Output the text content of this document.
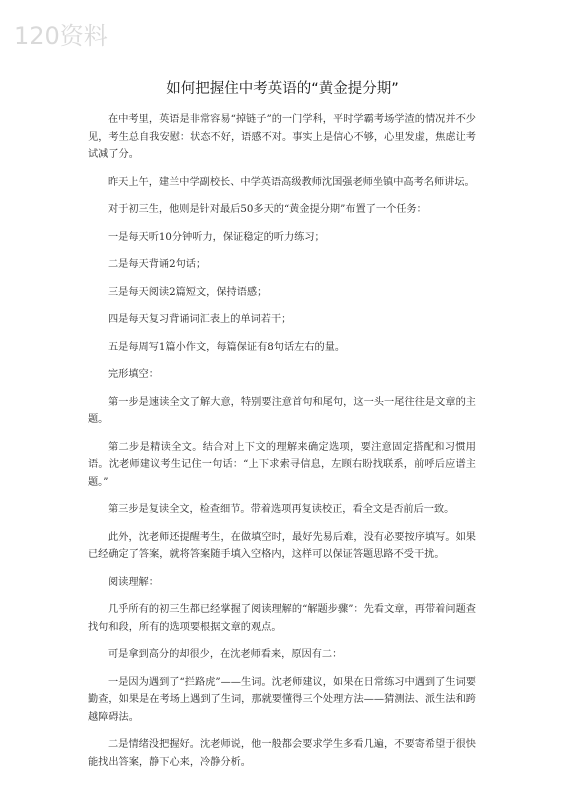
120资料
如何把握住中考英语的“黄金提分期”

在中考里，英语是非常容易“掉链子”的一门学科，平时学霸考场学渣的情况并不少见，考生总自我安慰：状态不好，语感不对。事实上是信心不够，心里发虚，焦虑让考试减了分。

昨天上午，建兰中学副校长、中学英语高级教师沈国强老师坐镇中高考名师讲坛。

对于初三生，他则是针对最后50多天的“黄金提分期”布置了一个任务：

一是每天听10分钟听力，保证稳定的听力练习；

二是每天背诵2句话；

三是每天阅读2篇短文，保持语感；

四是每天复习背诵词汇表上的单词若干；

五是每周写1篇小作文，每篇保证有8句话左右的量。

完形填空：

第一步是速读全文了解大意，特别要注意首句和尾句，这一头一尾往往是文章的主题。

第二步是精读全文。结合对上下文的理解来确定选项，要注意固定搭配和习惯用语。沈老师建议考生记住一句话：“上下求索寻信息，左顾右盼找联系，前呼后应谱主题。”

第三步是复读全文，检查细节。带着选项再复读校正，看全文是否前后一致。

此外，沈老师还提醒考生，在做填空时，最好先易后难，没有必要按序填写。如果已经确定了答案，就将答案随手填入空格内，这样可以保证答题思路不受干扰。

阅读理解：

几乎所有的初三生都已经掌握了阅读理解的“解题步骤”：先看文章，再带着问题查找句和段，所有的选项要根据文章的观点。

可是拿到高分的却很少，在沈老师看来，原因有二：

一是因为遇到了“拦路虎”——生词。沈老师建议，如果在日常练习中遇到了生词要勤查，如果是在考场上遇到了生词，那就要懂得三个处理方法——猜测法、派生法和跨越障碍法。

二是情绪没把握好。沈老师说，他一般都会要求学生多看几遍，不要寄希望于很快能找出答案，静下心来，冷静分析。
